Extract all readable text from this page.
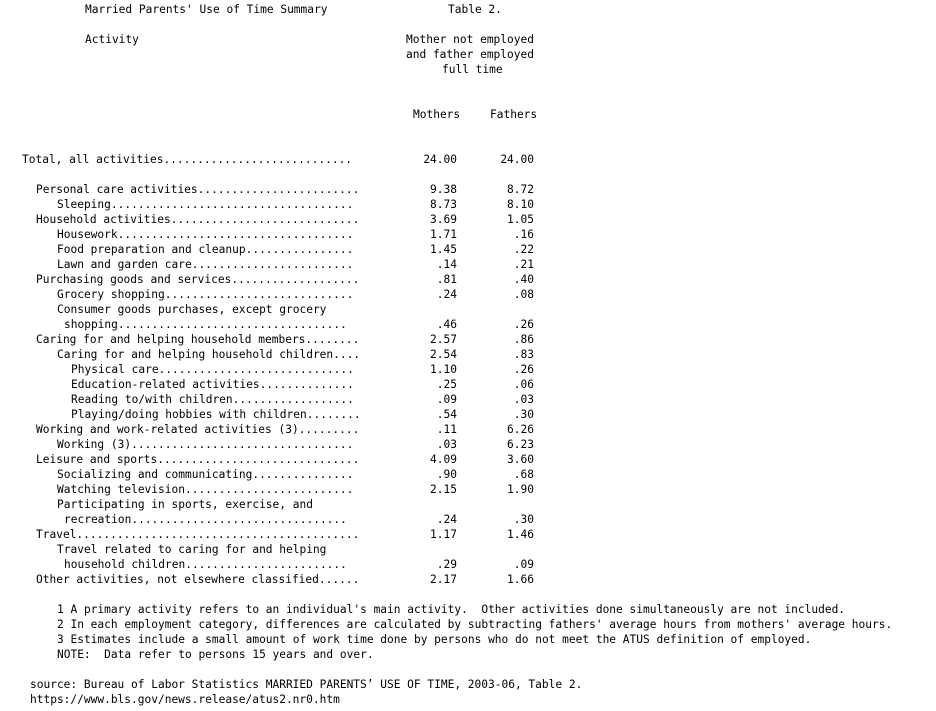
Married Parents' Use of Time Summary	Table 2.
Activity	Mother not employed
and father employed
full time
Mothers	Fathers
Total, all activities............................	24.00	24.00
Personal care activities........................	9.38	8.72
Sleeping....................................	8.73	8.10
Household activities............................	3.69	1.05
Housework...................................	1.71	.16
Food preparation and cleanup................	1.45	.22
Lawn and garden care........................	.14	.21
Purchasing goods and services...................	.81	.40
Grocery shopping............................	.24	.08
Consumer goods purchases, except grocery
shopping..................................	.46	.26
Caring for and helping household members........	2.57	.86
Caring for and helping household children....	2.54	.83
Physical care.............................	1.10	.26
Education-related activities..............	.25	.06
Reading to/with children..................	.09	.03
Playing/doing hobbies with children........	.54	.30
Working and work-related activities (3).........	.11	6.26
Working (3).................................	.03	6.23
Leisure and sports..............................	4.09	3.60
Socializing and communicating...............	.90	.68
Watching television.........................	2.15	1.90
Participating in sports, exercise, and
recreation................................	.24	.30
Travel..........................................	1.17	1.46
Travel related to caring for and helping
household children........................	.29	.09
Other activities, not elsewhere classified......	2.17	1.66
1 A primary activity refers to an individual's main activity.  Other activities done simultaneously are not included.
2 In each employment category, differences are calculated by subtracting fathers' average hours from mothers' average hours.
3 Estimates include a small amount of work time done by persons who do not meet the ATUS definition of employed.
NOTE:  Data refer to persons 15 years and over.
source: Bureau of Labor Statistics MARRIED PARENTS’ USE OF TIME, 2003-06, Table 2.
https://www.bls.gov/news.release/atus2.nr0.htm
